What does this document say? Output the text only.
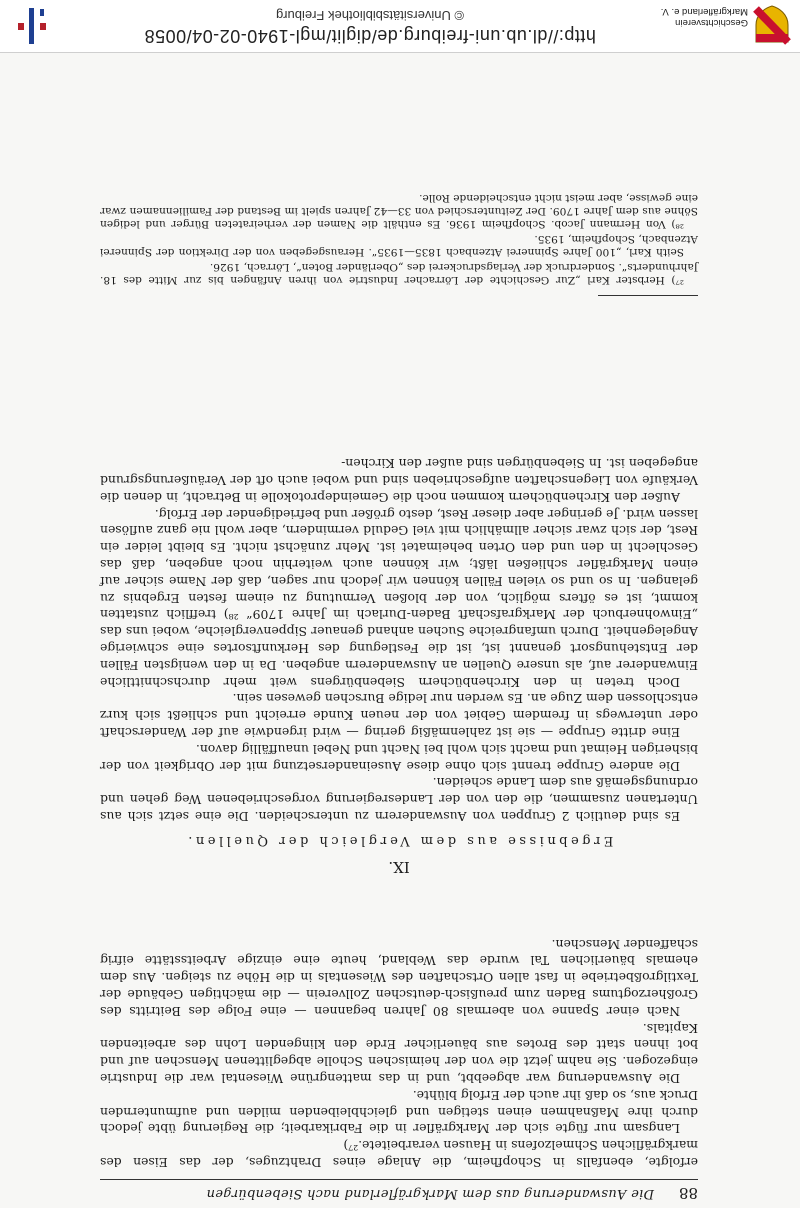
88
Die Auswanderung aus dem Markgräflerland nach Siebenbürgen

erfolgte, ebenfalls in Schopfheim, die Anlage eines Drahtzuges, der das Eisen des markgräflichen Schmelzofens in Hausen verarbeitete.²⁷)

Langsam nur fügte sich der Markgräfler in die Fabrikarbeit; die Regierung übte jedoch durch ihre Maßnahmen einen stetigen und gleichbleibenden milden und aufmunternden Druck aus, so daß ihr auch der Erfolg blühte.

Die Auswanderung war abgeebbt, und in das mattengrüne Wiesental war die Industrie eingezogen. Sie nahm jetzt die von der heimischen Scholle abgeglittenen Menschen auf und bot ihnen statt des Brotes aus bäuerlicher Erde den klingenden Lohn des arbeitenden Kapitals.

Nach einer Spanne von abermals 80 Jahren begannen — eine Folge des Beitritts des Großherzogtums Baden zum preußisch-deutschen Zollverein — die mächtigen Gebäude der Textilgroßbetriebe in fast allen Ortschaften des Wiesentals in die Höhe zu steigen. Aus dem ehemals bäuerlichen Tal wurde das Webland, heute eine einzige Arbeitsstätte eifrig schaffender Menschen.

IX.
Ergebnisse aus dem Vergleich der Quellen.

Es sind deutlich 2 Gruppen von Auswanderern zu unterscheiden. Die eine setzt sich aus Untertanen zusammen, die den von der Landesregierung vorgeschriebenen Weg gehen und ordnungsgemäß aus dem Lande scheiden.

Die andere Gruppe trennt sich ohne diese Auseinandersetzung mit der Obrigkeit von der bisherigen Heimat und macht sich wohl bei Nacht und Nebel unauffällig davon.

Eine dritte Gruppe — sie ist zahlenmäßig gering — wird irgendwie auf der Wanderschaft oder unterwegs in fremdem Gebiet von der neuen Kunde erreicht und schließt sich kurz entschlossen dem Zuge an. Es werden nur ledige Burschen gewesen sein.

Doch treten in den Kirchenbüchern Siebenbürgens weit mehr durchschnittliche Einwanderer auf, als unsere Quellen an Auswanderern angeben. Da in den wenigsten Fällen der Entstehungsort genannt ist, ist die Festlegung des Herkunftsortes eine schwierige Angelegenheit. Durch umfangreiche Suchen anhand genauer Sippenvergleiche, wobei uns das „Einwohnerbuch der Markgrafschaft Baden-Durlach im Jahre 1709“ ²⁸) trefflich zustatten kommt, ist es öfters möglich, von der bloßen Vermutung zu einem festen Ergebnis zu gelangen. In so und so vielen Fällen können wir jedoch nur sagen, daß der Name sicher auf einen Markgräfler schließen läßt; wir können auch weiterhin noch angeben, daß das Geschlecht in den und den Orten beheimatet ist. Mehr zunächst nicht. Es bleibt leider ein Rest, der sich zwar sicher allmählich mit viel Geduld vermindern, aber wohl nie ganz auflösen lassen wird. Je geringer aber dieser Rest, desto größer und befriedigender der Erfolg.

Außer den Kirchenbüchern kommen noch die Gemeindeprotokolle in Betracht, in denen die Verkäufe von Liegenschaften aufgeschrieben sind und wobei auch oft der Veräußerungsgrund angegeben ist. In Siebenbürgen sind außer den Kirchen-

²⁷) Herbster Karl „Zur Geschichte der Lörracher Industrie von ihren Anfängen bis zur Mitte des 18. Jahrhunderts“. Sonderdruck der Verlagsdruckerei des „Oberländer Boten“, Lörrach, 1926.

Seith Karl, „100 Jahre Spinnerei Atzenbach 1835—1935“. Herausgegeben von der Direktion der Spinnerei Atzenbach, Schopfheim, 1935.

²⁸) Von Hermann Jacob. Schopfheim 1936. Es enthält die Namen der verheirateten Bürger und ledigen Söhne aus dem Jahre 1709. Der Zeitunterschied von 33—42 Jahren spielt im Bestand der Familiennamen zwar eine gewisse, aber meist nicht entscheidende Rolle.

http://dl.ub.uni-freiburg.de/diglit/mgl-1940-02-04/0058
© Universitätsbibliothek Freiburg	Geschichtsverein
Markgräflerland e. V.
